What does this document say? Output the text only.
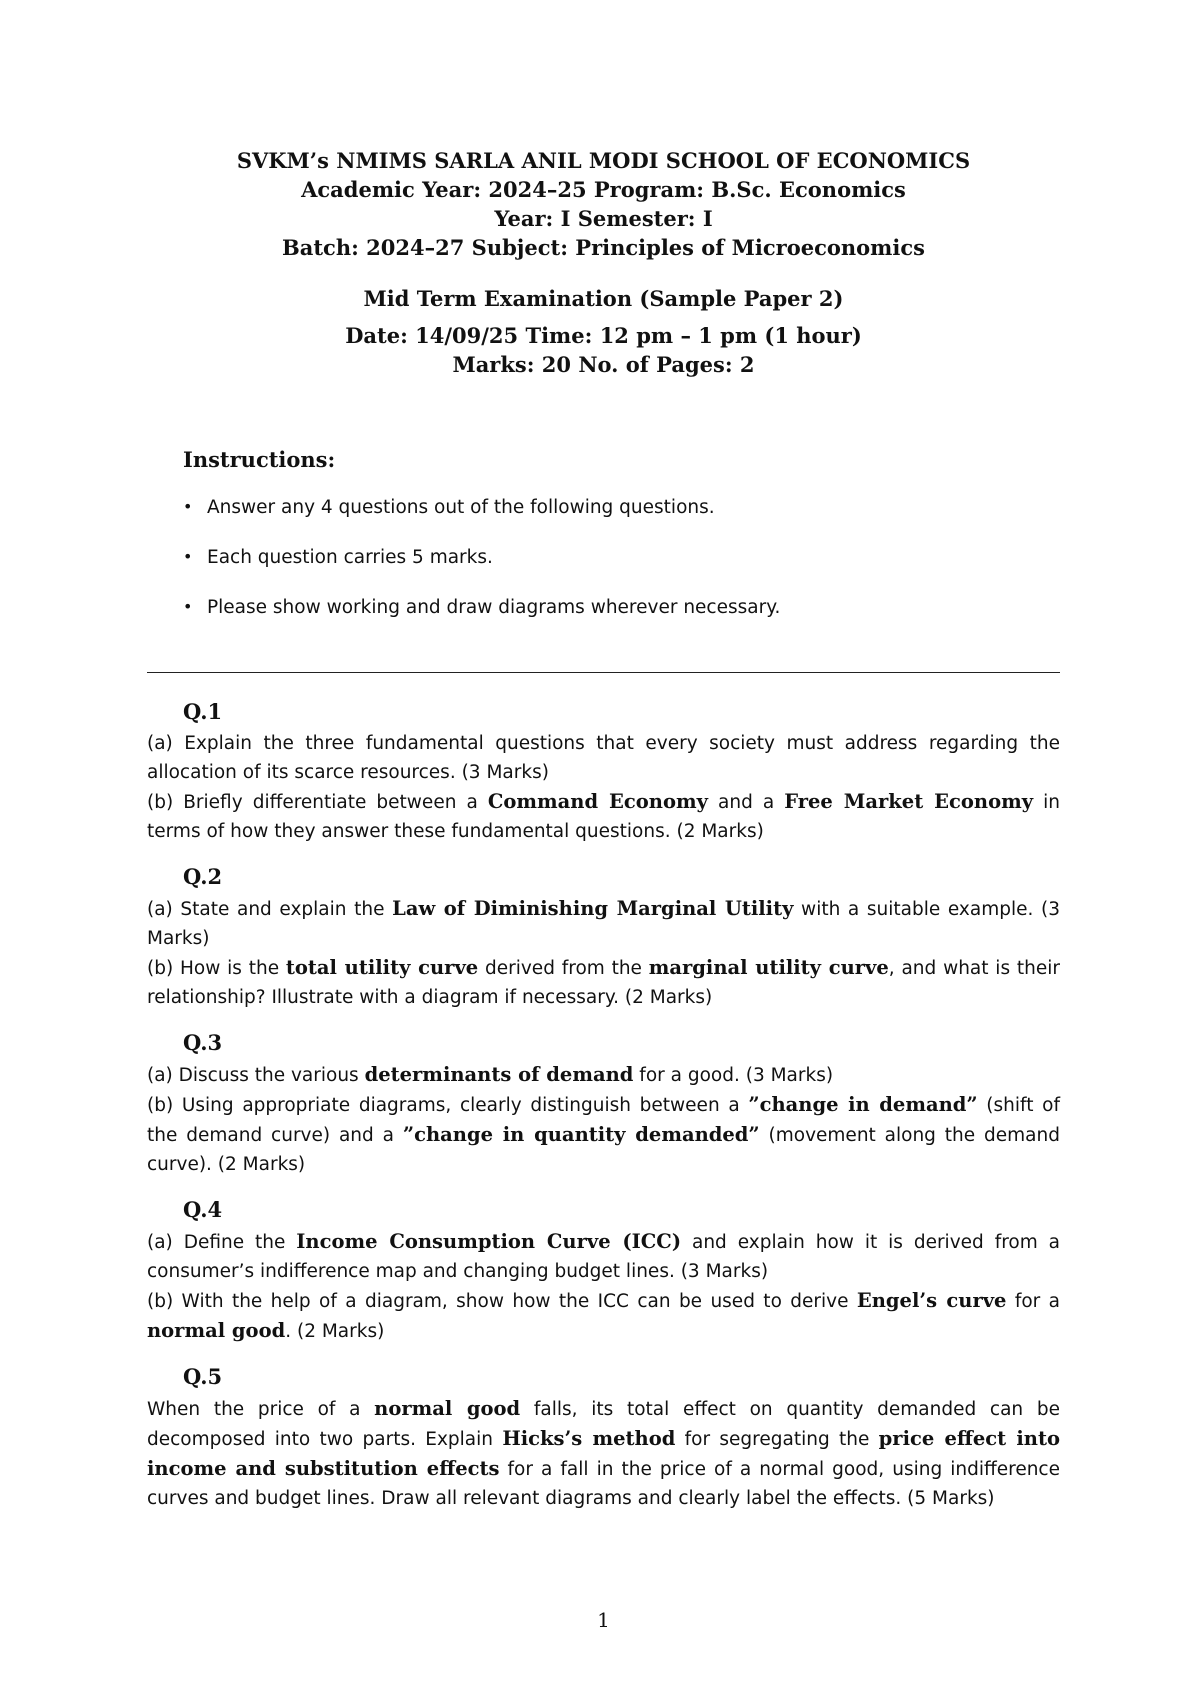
SVKM’s NMIMS SARLA ANIL MODI SCHOOL OF ECONOMICS
Academic Year: 2024–25 Program: B.Sc. Economics
Year: I Semester: I
Batch: 2024–27 Subject: Principles of Microeconomics
Mid Term Examination (Sample Paper 2)
Date: 14/09/25 Time: 12 pm – 1 pm (1 hour)
Marks: 20 No. of Pages: 2
Instructions:
• Answer any 4 questions out of the following questions.
• Each question carries 5 marks.
• Please show working and draw diagrams wherever necessary.
Q.1
(a) Explain the three fundamental questions that every society must address regarding the allocation of its scarce resources. (3 Marks)
(b) Briefly differentiate between a Command Economy and a Free Market Economy in terms of how they answer these fundamental questions. (2 Marks)
Q.2
(a) State and explain the Law of Diminishing Marginal Utility with a suitable example. (3 Marks)
(b) How is the total utility curve derived from the marginal utility curve, and what is their relationship? Illustrate with a diagram if necessary. (2 Marks)
Q.3
(a) Discuss the various determinants of demand for a good. (3 Marks)
(b) Using appropriate diagrams, clearly distinguish between a ”change in demand” (shift of the demand curve) and a ”change in quantity demanded” (movement along the demand curve). (2 Marks)
Q.4
(a) Define the Income Consumption Curve (ICC) and explain how it is derived from a consumer’s indifference map and changing budget lines. (3 Marks)
(b) With the help of a diagram, show how the ICC can be used to derive Engel’s curve for a normal good. (2 Marks)
Q.5
When the price of a normal good falls, its total effect on quantity demanded can be decomposed into two parts. Explain Hicks’s method for segregating the price effect into income and substitution effects for a fall in the price of a normal good, using indifference curves and budget lines. Draw all relevant diagrams and clearly label the effects. (5 Marks)
1
